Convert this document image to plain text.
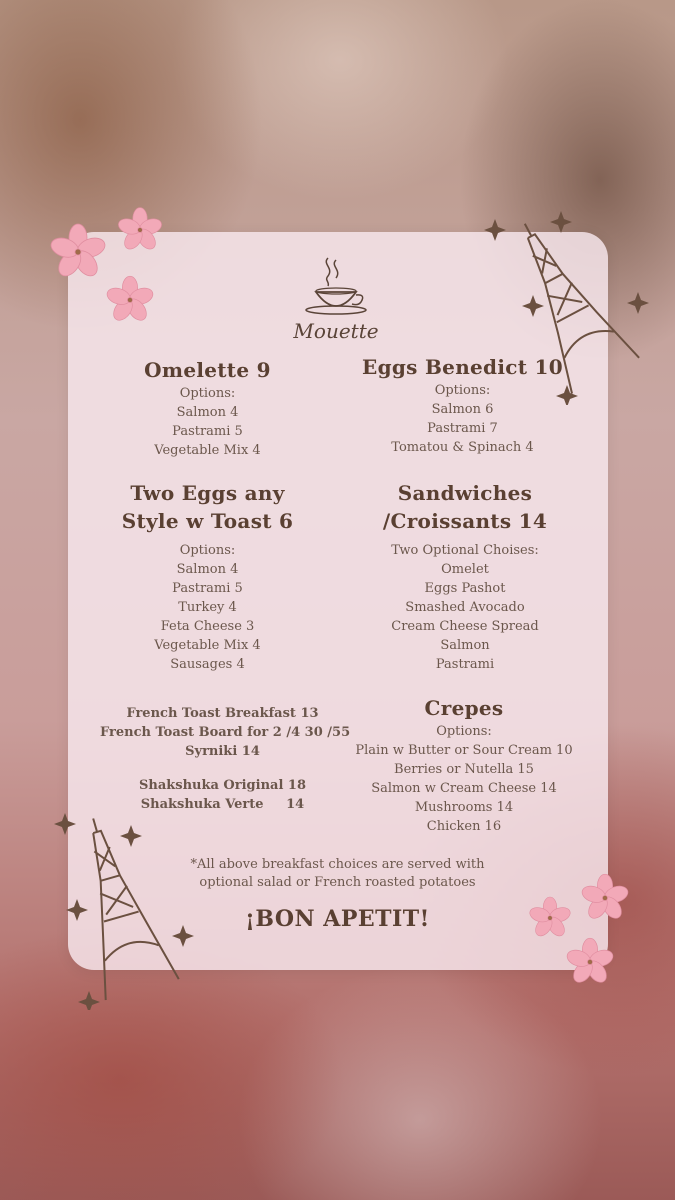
Mouette
Omelette 9
Options:
Salmon 4
Pastrami 5
Vegetable Mix 4
Eggs Benedict 10
Options:
Salmon 6
Pastrami 7
Tomatou & Spinach 4
Two Eggs any
Style w Toast 6
Options:
Salmon 4
Pastrami 5
Turkey 4
Feta Cheese 3
Vegetable Mix 4
Sausages 4
Sandwiches
/Croissants 14
Two Optional Choises:
Omelet
Eggs Pashot
Smashed Avocado
Cream Cheese Spread
Salmon
Pastrami
French Toast Breakfast 13
French Toast Board for 2 /4 30 /55
Syrniki 14
Shakshuka Original 18
Shakshuka Verte     14
Crepes
Options:
Plain w Butter or Sour Cream 10
Berries or Nutella 15
Salmon w Cream Cheese 14
Mushrooms 14
Chicken 16
*All above breakfast choices are served with
optional salad or French roasted potatoes
¡BON APETIT!
